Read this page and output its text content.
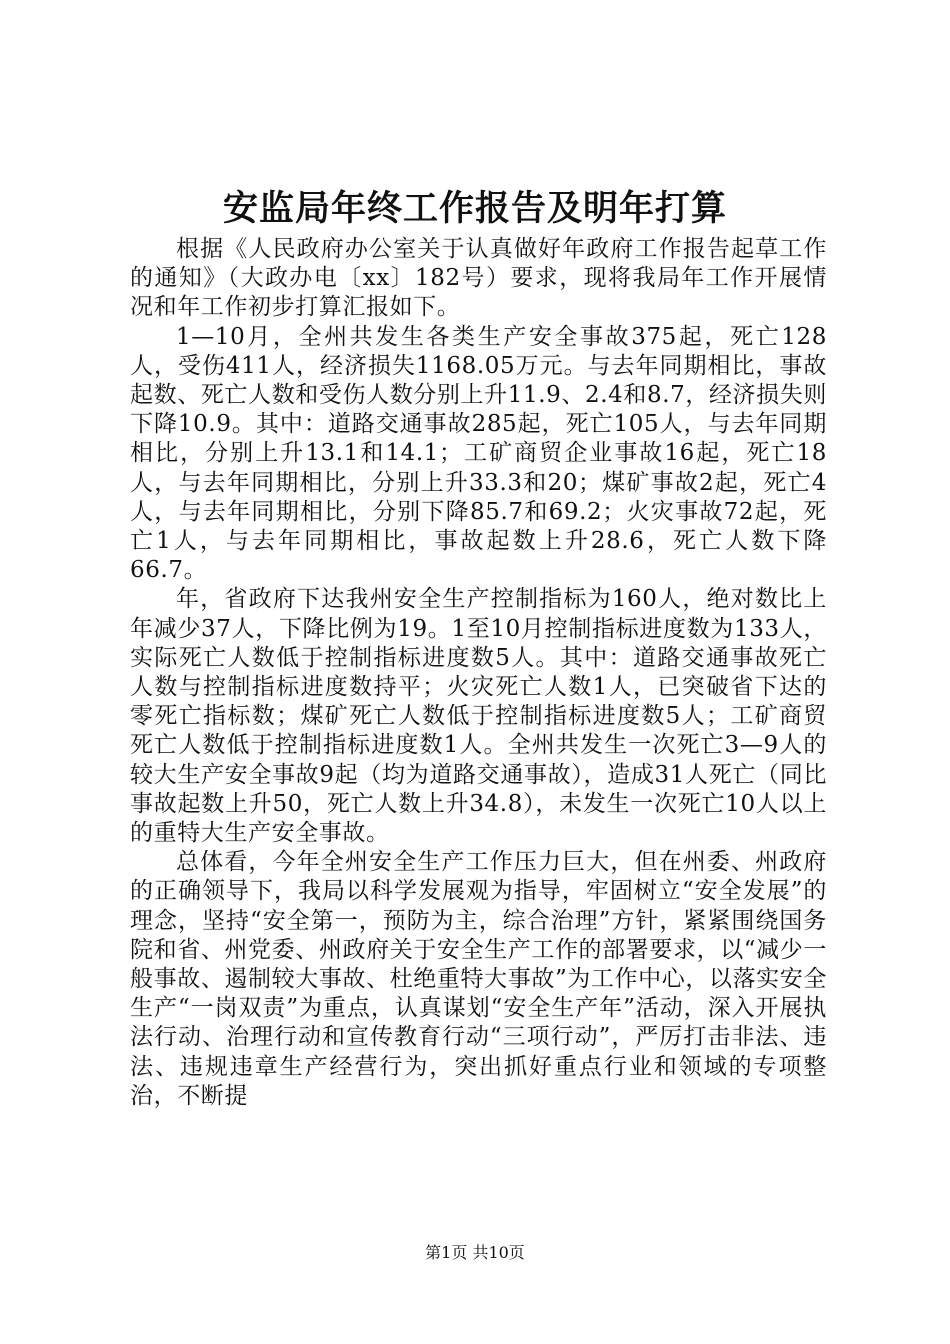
安监局年终工作报告及明年打算

根据《人民政府办公室关于认真做好年政府工作报告起草工作的通知》（大政办电〔xx〕182号）要求，现将我局年工作开展情况和年工作初步打算汇报如下。

1—10月，全州共发生各类生产安全事故375起，死亡128人，受伤411人，经济损失1168.05万元。与去年同期相比，事故起数、死亡人数和受伤人数分别上升11.9、2.4和8.7，经济损失则下降10.9。其中：道路交通事故285起，死亡105人，与去年同期相比，分别上升13.1和14.1；工矿商贸企业事故16起，死亡18人，与去年同期相比，分别上升33.3和20；煤矿事故2起，死亡4人，与去年同期相比，分别下降85.7和69.2；火灾事故72起，死亡1人，与去年同期相比，事故起数上升28.6，死亡人数下降66.7。

年，省政府下达我州安全生产控制指标为160人，绝对数比上年减少37人，下降比例为19。1至10月控制指标进度数为133人，实际死亡人数低于控制指标进度数5人。其中：道路交通事故死亡人数与控制指标进度数持平；火灾死亡人数1人，已突破省下达的零死亡指标数；煤矿死亡人数低于控制指标进度数5人；工矿商贸死亡人数低于控制指标进度数1人。全州共发生一次死亡3—9人的较大生产安全事故9起（均为道路交通事故），造成31人死亡（同比事故起数上升50，死亡人数上升34.8），未发生一次死亡10人以上的重特大生产安全事故。

总体看，今年全州安全生产工作压力巨大，但在州委、州政府的正确领导下，我局以科学发展观为指导，牢固树立“安全发展”的理念，坚持“安全第一，预防为主，综合治理”方针，紧紧围绕国务院和省、州党委、州政府关于安全生产工作的部署要求，以“减少一般事故、遏制较大事故、杜绝重特大事故”为工作中心，以落实安全生产“一岗双责”为重点，认真谋划“安全生产年”活动，深入开展执法行动、治理行动和宣传教育行动“三项行动”，严厉打击非法、违法、违规违章生产经营行为，突出抓好重点行业和领域的专项整治，不断提

第1页 共10页
